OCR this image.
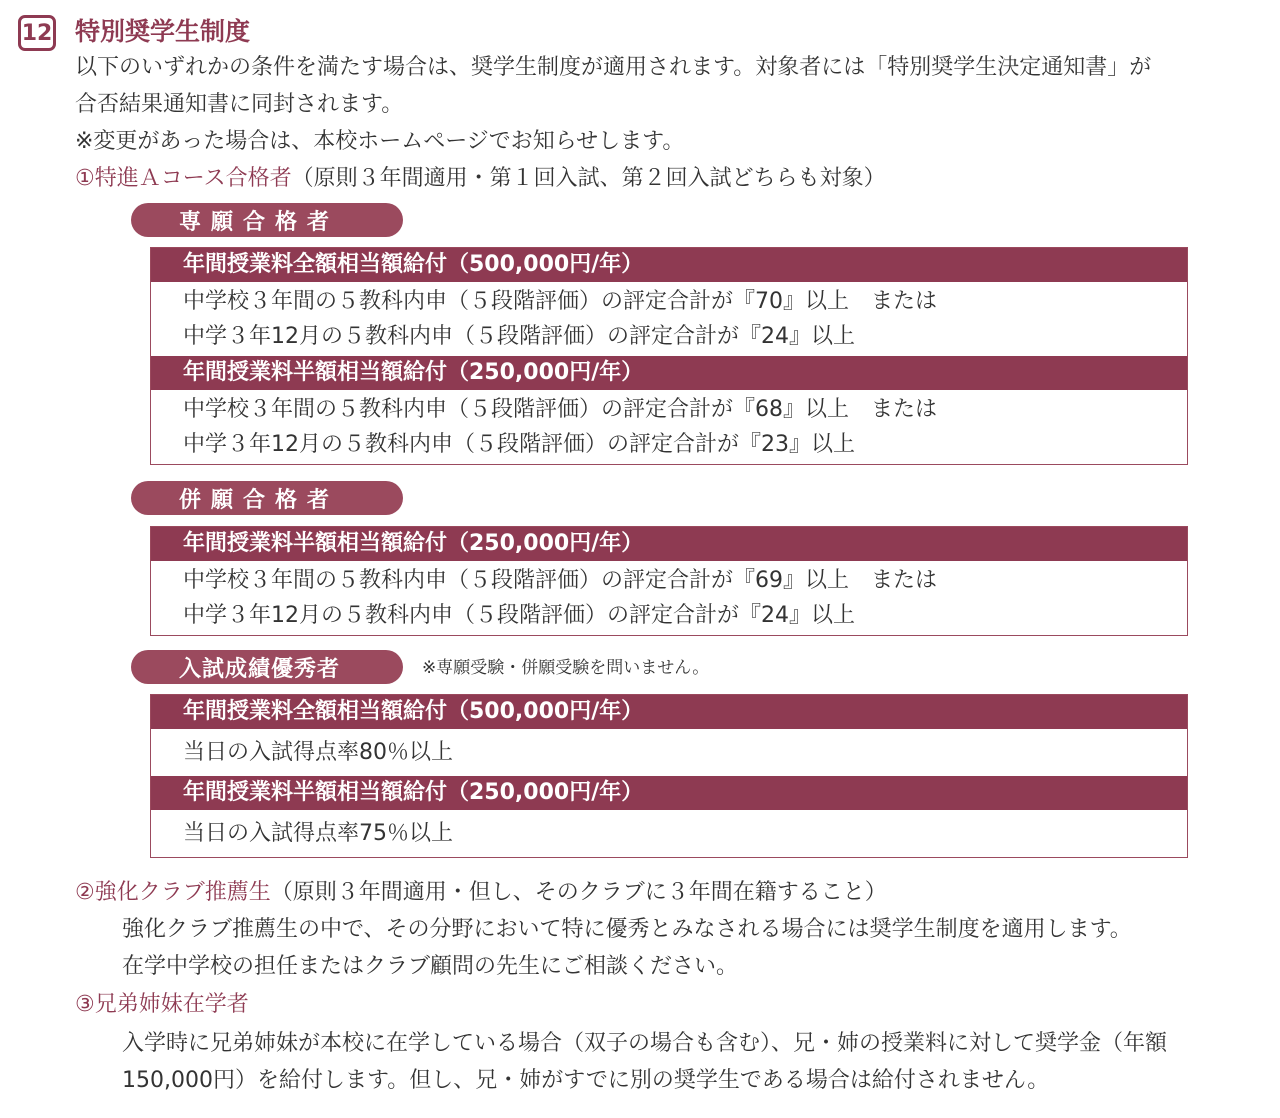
12 特別奨学生制度
以下のいずれかの条件を満たす場合は、奨学生制度が適用されます。対象者には「特別奨学生決定通知書」が
合否結果通知書に同封されます。
※変更があった場合は、本校ホームページでお知らせします。
①特進Ａコース合格者（原則３年間適用・第１回入試、第２回入試どちらも対象）
専願合格者
年間授業料全額相当額給付（500,000円/年）
中学校３年間の５教科内申（５段階評価）の評定合計が『70』以上　または
中学３年12月の５教科内申（５段階評価）の評定合計が『24』以上
年間授業料半額相当額給付（250,000円/年）
中学校３年間の５教科内申（５段階評価）の評定合計が『68』以上　または
中学３年12月の５教科内申（５段階評価）の評定合計が『23』以上
併願合格者
年間授業料半額相当額給付（250,000円/年）
中学校３年間の５教科内申（５段階評価）の評定合計が『69』以上　または
中学３年12月の５教科内申（５段階評価）の評定合計が『24』以上
入試成績優秀者	※専願受験・併願受験を問いません。
年間授業料全額相当額給付（500,000円/年）
当日の入試得点率80％以上
年間授業料半額相当額給付（250,000円/年）
当日の入試得点率75％以上
②強化クラブ推薦生（原則３年間適用・但し、そのクラブに３年間在籍すること）
強化クラブ推薦生の中で、その分野において特に優秀とみなされる場合には奨学生制度を適用します。
在学中学校の担任またはクラブ顧問の先生にご相談ください。
③兄弟姉妹在学者
入学時に兄弟姉妹が本校に在学している場合（双子の場合も含む）、兄・姉の授業料に対して奨学金（年額
150,000円）を給付します。但し、兄・姉がすでに別の奨学生である場合は給付されません。
